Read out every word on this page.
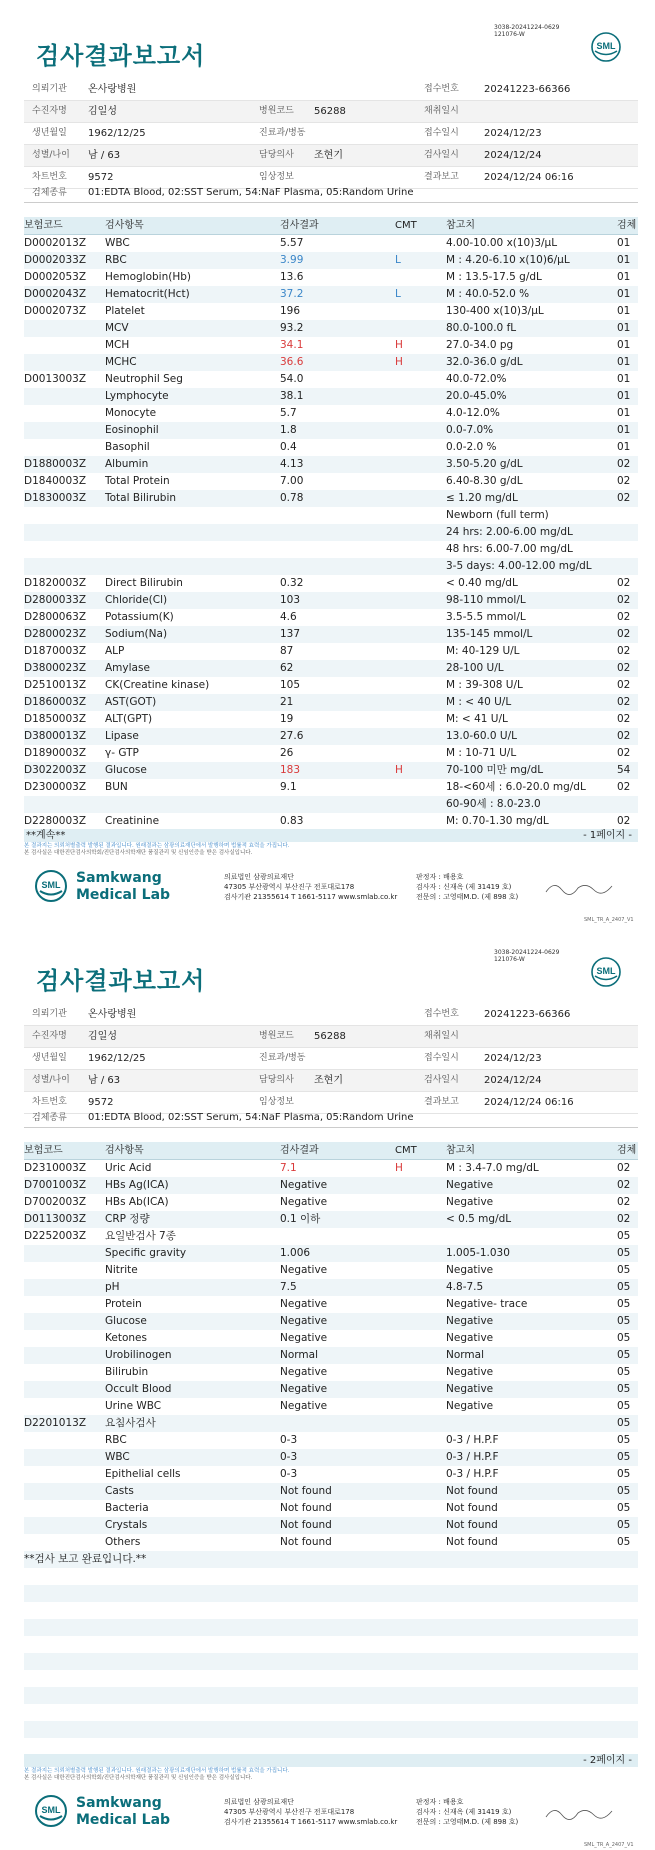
3038-20241224-0629
121076-W
검사결과보고서	SML
의뢰기관 온사랑병원	접수번호	20241223-66366
수진자명 김일성	병원코드 56288	채취일시
생년월일 1962/12/25	진료과/병동	접수일시	2024/12/23
성별/나이 남 / 63	담당의사 조현기	검사일시	2024/12/24
차트번호 9572	임상정보	결과보고	2024/12/24 06:16
검체종류 01:EDTA Blood, 02:SST Serum, 54:NaF Plasma, 05:Random Urine
보험코드	검사항목	검사결과	CMT	참고치	검체
D0002013Z WBC	5.57	4.00-10.00 x(10)3/μL	01
D0002033Z RBC	3.99	L	M : 4.20-6.10 x(10)6/μL	01
D0002053Z Hemoglobin(Hb)	13.6	M : 13.5-17.5 g/dL	01
D0002043Z Hematocrit(Hct)	37.2	L	M : 40.0-52.0 %	01
D0002073Z Platelet	196	130-400 x(10)3/μL	01
MCV	93.2	80.0-100.0 fL	01
MCH	34.1	H	27.0-34.0 pg	01
MCHC	36.6	H	32.0-36.0 g/dL	01
D0013003Z Neutrophil Seg	54.0	40.0-72.0%	01
Lymphocyte	38.1	20.0-45.0%	01
Monocyte	5.7	4.0-12.0%	01
Eosinophil	1.8	0.0-7.0%	01
Basophil	0.4	0.0-2.0 %	01
D1880003Z Albumin	4.13	3.50-5.20 g/dL	02
D1840003Z Total Protein	7.00	6.40-8.30 g/dL	02
D1830003Z Total Bilirubin	0.78	≤ 1.20 mg/dL	02
Newborn (full term)
24 hrs: 2.00-6.00 mg/dL
48 hrs: 6.00-7.00 mg/dL
3-5 days: 4.00-12.00 mg/dL
D1820003Z Direct Bilirubin	0.32	< 0.40 mg/dL	02
D2800033Z Chloride(Cl)	103	98-110 mmol/L	02
D2800063Z Potassium(K)	4.6	3.5-5.5 mmol/L	02
D2800023Z Sodium(Na)	137	135-145 mmol/L	02
D1870003Z ALP	87	M: 40-129 U/L	02
D3800023Z Amylase	62	28-100 U/L	02
D2510013Z CK(Creatine kinase)	105	M : 39-308 U/L	02
D1860003Z AST(GOT)	21	M : < 40 U/L	02
D1850003Z ALT(GPT)	19	M: < 41 U/L	02
D3800013Z Lipase	27.6	13.0-60.0 U/L	02
D1890003Z γ- GTP	26	M : 10-71 U/L	02
D3022003Z Glucose	183	H	70-100 미만 mg/dL	54
D2300003Z BUN	9.1	18-<60세 : 6.0-20.0 mg/dL	02
60-90세 : 8.0-23.0
D2280003Z Creatinine	0.83	M: 0.70-1.30 mg/dL	02
**계속**	- 1페이지 -
본 결과지는 의뢰처별출력 발행된 결과입니다. 원래결과는 삼광의료재단에서 발행하며 법률적 효력을 가집니다.
본 검사실은 대한진단검사의학회/진단검사의학재단 품질관리 및 신임인증을 받은 검사실입니다.
SML Samkwang
Medical Lab
의료법인 삼광의료재단
47305 부산광역시 부산진구 전포대로178
검사기관 21355614 T 1661-5117 www.smlab.co.kr
판정자 : 배용호
검사자 : 신재옥 (제 31419 호)
전문의 : 고영태M.D. (제 898 호)
SML_TR_A_2407_V1
3038-20241224-0629
121076-W
검사결과보고서	SML
의뢰기관 온사랑병원	접수번호	20241223-66366
수진자명 김일성	병원코드 56288	채취일시
생년월일 1962/12/25	진료과/병동	접수일시	2024/12/23
성별/나이 남 / 63	담당의사 조현기	검사일시	2024/12/24
차트번호 9572	임상정보	결과보고	2024/12/24 06:16
검체종류 01:EDTA Blood, 02:SST Serum, 54:NaF Plasma, 05:Random Urine
보험코드	검사항목	검사결과	CMT	참고치	검체
D2310003Z Uric Acid	7.1	H	M : 3.4-7.0 mg/dL	02
D7001003Z HBs Ag(ICA)	Negative	Negative	02
D7002003Z HBs Ab(ICA)	Negative	Negative	02
D0113003Z CRP 정량	0.1 이하	< 0.5 mg/dL	02
D2252003Z 요일반검사 7종	05
Specific gravity	1.006	1.005-1.030	05
Nitrite	Negative	Negative	05
pH	7.5	4.8-7.5	05
Protein	Negative	Negative- trace	05
Glucose	Negative	Negative	05
Ketones	Negative	Negative	05
Urobilinogen	Normal	Normal	05
Bilirubin	Negative	Negative	05
Occult Blood	Negative	Negative	05
Urine WBC	Negative	Negative	05
D2201013Z 요침사검사	05
RBC	0-3	0-3 / H.P.F	05
WBC	0-3	0-3 / H.P.F	05
Epithelial cells	0-3	0-3 / H.P.F	05
Casts	Not found	Not found	05
Bacteria	Not found	Not found	05
Crystals	Not found	Not found	05
Others	Not found	Not found	05
**검사 보고 완료입니다.**
- 2페이지 -
본 결과지는 의뢰처별출력 발행된 결과입니다. 원래결과는 삼광의료재단에서 발행하며 법률적 효력을 가집니다.
본 검사실은 대한진단검사의학회/진단검사의학재단 품질관리 및 신임인증을 받은 검사실입니다.
SML Samkwang
Medical Lab
의료법인 삼광의료재단
47305 부산광역시 부산진구 전포대로178
검사기관 21355614 T 1661-5117 www.smlab.co.kr
판정자 : 배용호
검사자 : 신재옥 (제 31419 호)
전문의 : 고영태M.D. (제 898 호)
SML_TR_A_2407_V1
